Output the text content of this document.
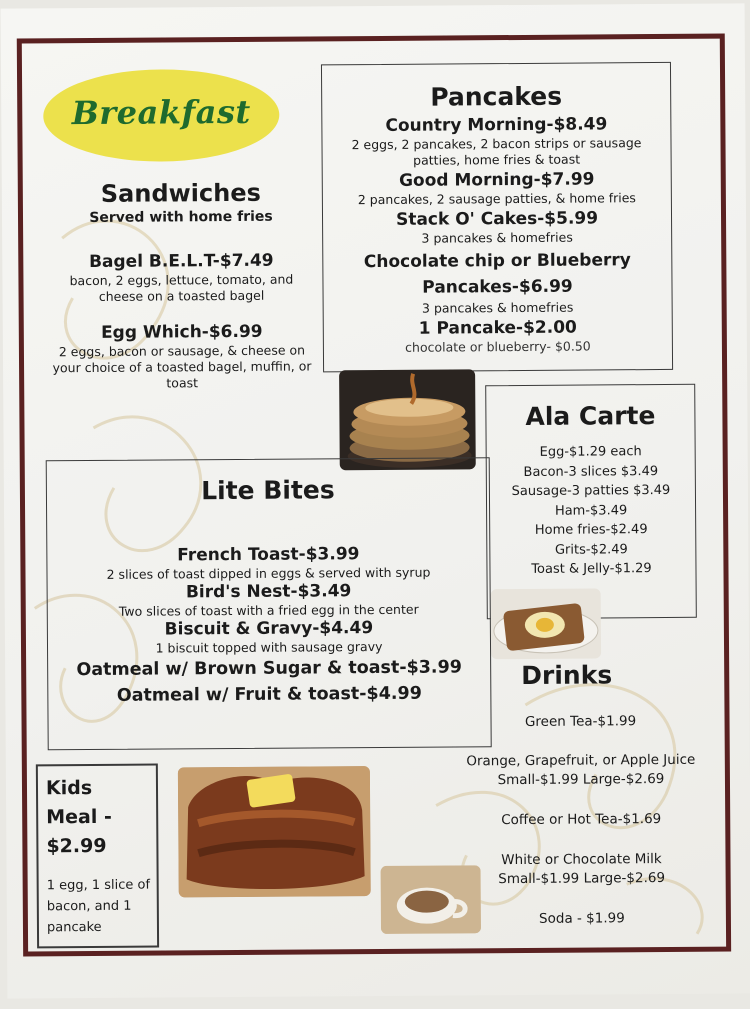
Breakfast
Sandwiches
Served with home fries
Bagel B.E.L.T-$7.49
bacon, 2 eggs, lettuce, tomato, and cheese on a toasted bagel
Egg Which-$6.99
2 eggs, bacon or sausage, & cheese on your choice of a toasted bagel, muffin, or toast
Pancakes
Country Morning-$8.49
2 eggs, 2 pancakes, 2 bacon strips or sausage patties, home fries & toast
Good Morning-$7.99
2 pancakes, 2 sausage patties, & home fries
Stack O' Cakes-$5.99
3 pancakes & homefries
Chocolate chip or Blueberry Pancakes-$6.99
3 pancakes & homefries
1 Pancake-$2.00
chocolate or blueberry- $0.50
Ala Carte
Egg-$1.29 each
Bacon-3 slices $3.49
Sausage-3 patties $3.49
Ham-$3.49
Home fries-$2.49
Grits-$2.49
Toast & Jelly-$1.29
Lite Bites
French Toast-$3.99
2 slices of toast dipped in eggs & served with syrup
Bird's Nest-$3.49
Two slices of toast with a fried egg in the center
Biscuit & Gravy-$4.49
1 biscuit topped with sausage gravy
Oatmeal w/ Brown Sugar & toast-$3.99
Oatmeal w/ Fruit & toast-$4.99
Drinks
Green Tea-$1.99
Orange, Grapefruit, or Apple Juice
Small-$1.99 Large-$2.69
Coffee or Hot Tea-$1.69
White or Chocolate Milk
Small-$1.99 Large-$2.69
Soda - $1.99
Kids
Meal -
$2.99
1 egg, 1 slice of bacon, and 1 pancake
